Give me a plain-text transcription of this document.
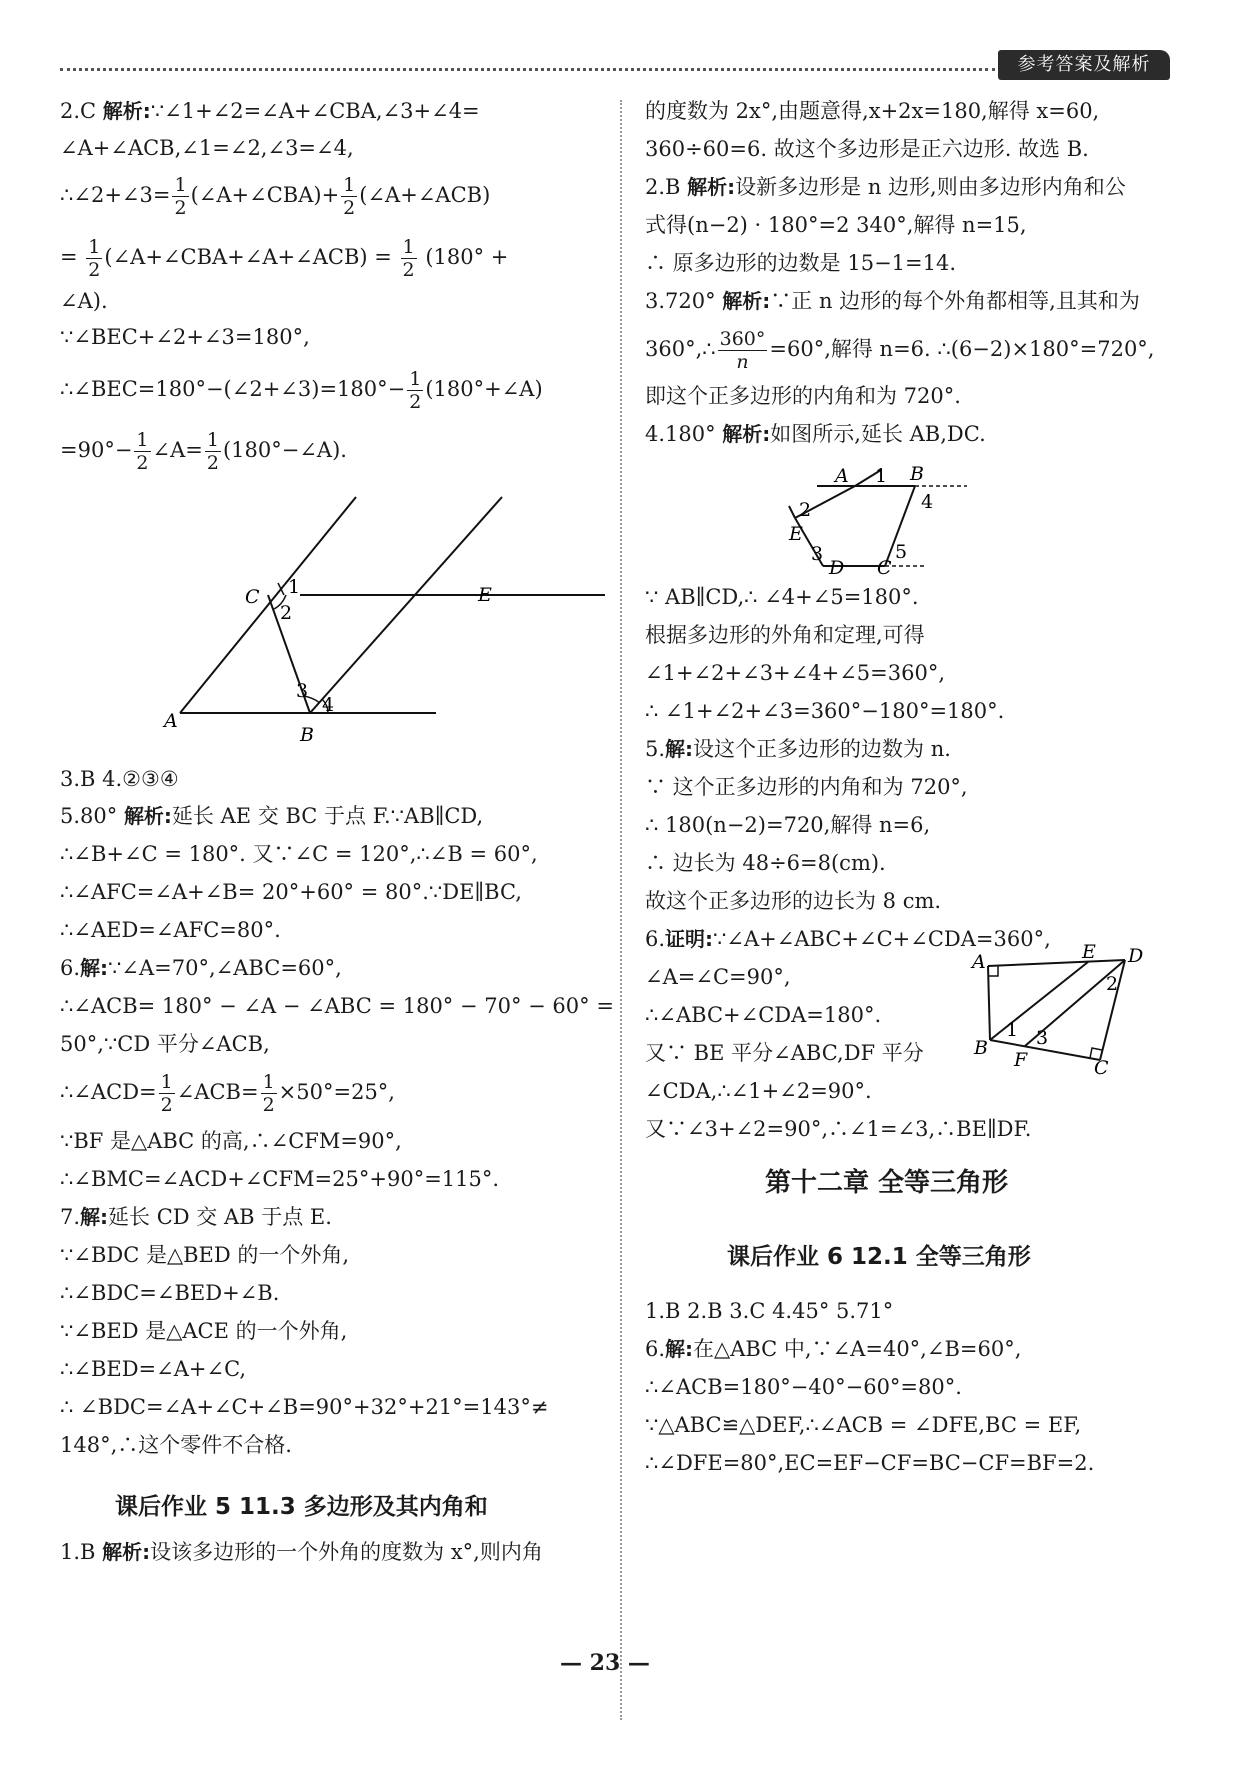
参考答案及解析
2.C 解析:∵∠1+∠2=∠A+∠CBA,∠3+∠4=
∠A+∠ACB,∠1=∠2,∠3=∠4,
∴∠2+∠3= $\frac{1}{2}$ (∠A+∠CBA)+ $\frac{1}{2}$ (∠A+∠ACB)
= $\frac{1}{2}$ (∠A+∠CBA+∠A+∠ACB) = $\frac{1}{2} (180^\circ$ +
∠A).
∵∠BEC+∠2+∠3=180°,
∴∠BEC=180°−(∠2+∠3)=180°− $\frac{1}{2}$ (180°+∠A)
$=90^\circ- \frac{1}{2}$ ∠A= $\frac{1}{2}$ (180°−∠A).
C 1
2
E
A
3
4
B
3.B 4.②③④
5.80° 解析:延长 AE 交 BC 于点 F.∵AB∥CD,
∴∠B+∠C = 180°. 又∵∠C = 120°,∴∠B = 60°,
∴∠AFC=∠A+∠B= 20°+60° = 80°.∵DE∥BC,
∴∠AED=∠AFC=80°.
6.解:∵∠A=70°,∠ABC=60°,
∴∠ACB= 180° − ∠A − ∠ABC = 180° − 70° − 60° =
50°,∵CD 平分∠ACB,
∴∠ACD= $\frac{1}{2}$ ∠ACB= $\frac{1}{2} \times 50^\circ=25^\circ$,
∵BF 是△ABC 的高,∴∠CFM=90°,
∴∠BMC=∠ACD+∠CFM=25°+90°=115°.
7.解:延长 CD 交 AB 于点 E.
∵∠BDC 是△BED 的一个外角,
∴∠BDC=∠BED+∠B.
∵∠BED 是△ACE 的一个外角,
∴∠BED=∠A+∠C,
∴ ∠BDC=∠A+∠C+∠B=90°+32°+21°=143°≠
148°,∴这个零件不合格.
课后作业 5 11.3 多边形及其内角和
1.B 解析:设该多边形的一个外角的度数为 x°,则内角
的度数为 2x°,由题意得,x+2x=180,解得 x=60,
360÷60=6. 故这个多边形是正六边形. 故选 B.
2.B 解析:设新多边形是 n 边形,则由多边形内角和公
式得(n−2) · 180°=2 340°,解得 n=15,
∴ 原多边形的边数是 15−1=14.
3.720° 解析:∵正 n 边形的每个外角都相等,且其和为
360°,∴ $\frac{360^\circ}{n} =60^\circ$,解得 n=6. ∴(6−2)×180°=720°,
即这个正多边形的内角和为 720°.
4.180° 解析:如图所示,延长 AB,DC.
A 1 B
4
2
E
5
3
D C
∵ AB∥CD,∴ ∠4+∠5=180°.
根据多边形的外角和定理,可得
∠1+∠2+∠3+∠4+∠5=360°,
∴ ∠1+∠2+∠3=360°−180°=180°.
5.解:设这个正多边形的边数为 n.
∵ 这个正多边形的内角和为 720°,
∴ 180(n−2)=720,解得 n=6,
∴ 边长为 48÷6=8(cm).
故这个正多边形的边长为 8 cm.
6.证明:∵∠A+∠ABC+∠C+∠CDA=360°,
∠A=∠C=90°,
∴∠ABC+∠CDA=180°.
又∵ BE 平分∠ABC,DF 平分
∠CDA,∴∠1+∠2=90°.
A	E D
2
1 3
B
F	C
又∵∠3+∠2=90°,∴∠1=∠3,∴BE∥DF.
第十二章 全等三角形
课后作业 6 12.1 全等三角形
1.B 2.B 3.C 4.45° 5.71°
6.解:在△ABC 中,∵∠A=40°,∠B=60°,
∴∠ACB=180°−40°−60°=80°.
∵△ABC≌△DEF,∴∠ACB = ∠DFE,BC = EF,
∴∠DFE=80°,EC=EF−CF=BC−CF=BF=2.
— 23 —
